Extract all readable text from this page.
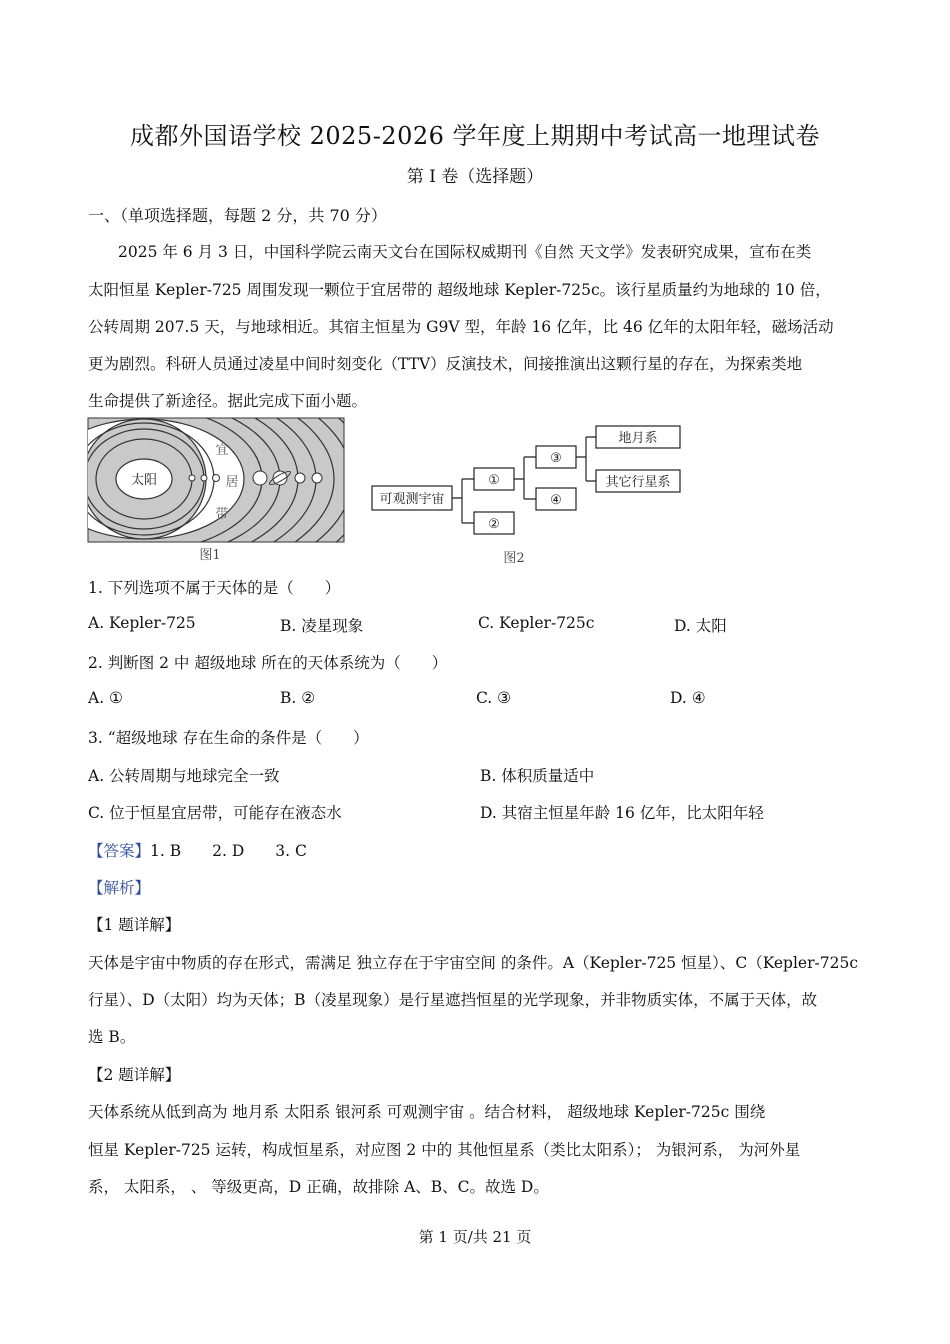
成都外国语学校 2025-2026 学年度上期期中考试高一地理试卷
第 I 卷（选择题）
一、（单项选择题，每题 2 分，共 70 分）
2025 年 6 月 3 日，中国科学院云南天文台在国际权威期刊《自然 天文学》发表研究成果，宣布在类
太阳恒星 Kepler-725 周围发现一颗位于宜居带的 超级地球 Kepler-725c。该行星质量约为地球的 10 倍，
公转周期 207.5 天，与地球相近。其宿主恒星为 G9V 型，年龄 16 亿年，比 46 亿年的太阳年轻，磁场活动
更为剧烈。科研人员通过凌星中间时刻变化（TTV）反演技术，间接推演出这颗行星的存在，为探索类地
生命提供了新途径。据此完成下面小题。
太阳
宜
居
带
图1
可观测宇宙
①
②
③
④
地月系
其它行星系
图2
1. 下列选项不属于天体的是（　　）
A. Kepler-725	B. 凌星现象	C. Kepler-725c	D. 太阳
2. 判断图 2 中 超级地球 所在的天体系统为（　　）
A. ①	B. ②	C. ③	D. ④
3. “超级地球 存在生命的条件是（　　）
A. 公转周期与地球完全一致	B. 体积质量适中
C. 位于恒星宜居带，可能存在液态水	D. 其宿主恒星年龄 16 亿年，比太阳年轻
【答案】1. B　　2. D　　3. C
【解析】
【1 题详解】
天体是宇宙中物质的存在形式，需满足 独立存在于宇宙空间 的条件。A（Kepler-725 恒星）、C（Kepler-725c
行星）、D（太阳）均为天体；B（凌星现象）是行星遮挡恒星的光学现象，并非物质实体，不属于天体，故
选 B。
【2 题详解】
天体系统从低到高为 地月系 太阳系 银河系 可观测宇宙 。结合材料， 超级地球 Kepler-725c 围绕
恒星 Kepler-725 运转，构成恒星系，对应图 2 中的 其他恒星系（类比太阳系）； 为银河系， 为河外星
系， 太阳系， 、 等级更高，D 正确，故排除 A、B、C。故选 D。
第 1 页/共 21 页
